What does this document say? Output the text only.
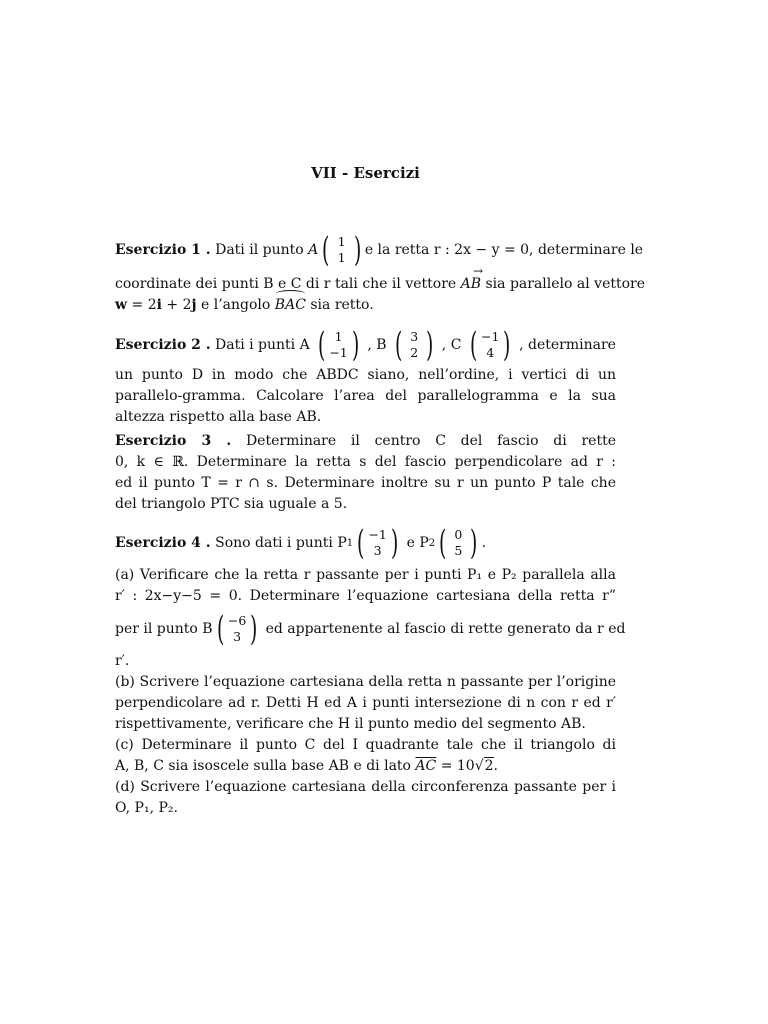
VII - Esercizi
Esercizio 1 .
Dati il punto
A ( 1
1 ) e la retta r : 2x − y = 0, determinare le
coordinate dei punti B e C di r tali che il vettore → AB sia parallelo al vettore
w = 2i + 2j e l’angolo BAC sia retto.
Esercizio 2 . Dati i punti A ( 1
−1 ) , B ( 3
2 ) , C ( −1
4 ) , determinare
un punto D in modo che ABDC siano, nell’ordine, i vertici di un parallelo-gramma. Calcolare l’area del parallelogramma e la sua altezza rispetto alla base AB.
Esercizio 3 . Determinare il centro C del fascio di rette
0, k ∈ ℝ. Determinare la retta s del fascio perpendicolare ad r :
ed il punto T = r ∩ s. Determinare inoltre su r un punto P tale che
del triangolo PTC sia uguale a 5.
Esercizio 4 .
Sono dati i punti P 1 ( −1
3 )
e P 2 ( 0
5 ) .
(a) Verificare che la retta r passante per i punti P₁ e P₂ parallela alla
r′ : 2x−y−5 = 0. Determinare l’equazione cartesiana della retta r”
per il punto B ( −6
3 ) ed appartenente al fascio di rette generato da r ed
r′.
(b) Scrivere l’equazione cartesiana della retta n passante per l’origine
perpendicolare ad r. Detti H ed A i punti intersezione di n con r ed r′
rispettivamente, verificare che H il punto medio del segmento AB.
(c) Determinare il punto C del I quadrante tale che il triangolo di
A, B, C sia isoscele sulla base AB e di lato $\overline{AC} = 10√2$.
(d) Scrivere l’equazione cartesiana della circonferenza passante per i
O, P₁, P₂.
